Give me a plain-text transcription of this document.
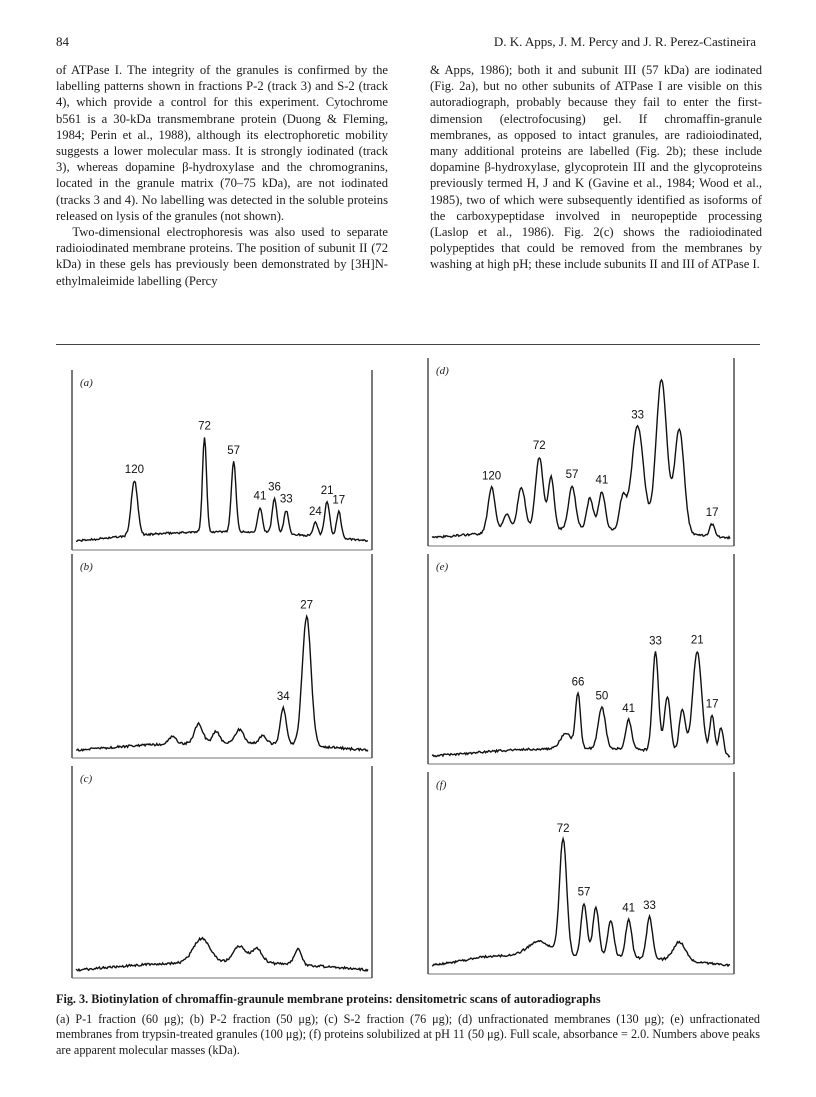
84	D. K. Apps, J. M. Percy and J. R. Perez-Castineira

of ATPase I. The integrity of the granules is confirmed by the labelling patterns shown in fractions P-2 (track 3) and S-2 (track 4), which provide a control for this experiment. Cytochrome b561 is a 30-kDa transmembrane protein (Duong & Fleming, 1984; Perin et al., 1988), although its electrophoretic mobility suggests a lower molecular mass. It is strongly iodinated (track 3), whereas dopamine β-hydroxylase and the chromogranins, located in the granule matrix (70–75 kDa), are not iodinated (tracks 3 and 4). No labelling was detected in the soluble proteins released on lysis of the granules (not shown).

Two-dimensional electrophoresis was also used to separate radioiodinated membrane proteins. The position of subunit II (72 kDa) in these gels has previously been demonstrated by [3H]N-ethylmaleimide labelling (Percy

& Apps, 1986); both it and subunit III (57 kDa) are iodinated (Fig. 2a), but no other subunits of ATPase I are visible on this autoradiograph, probably because they fail to enter the first-dimension (electrofocusing) gel. If chromaffin-granule membranes, as opposed to intact granules, are radioiodinated, many additional proteins are labelled (Fig. 2b); these include dopamine β-hydroxylase, glycoprotein III and the glycoproteins previously termed H, J and K (Gavine et al., 1984; Wood et al., 1985), two of which were subsequently identified as isoforms of the carboxypeptidase involved in neuropeptide processing (Laslop et al., 1986). Fig. 2(c) shows the radioiodinated polypeptides that could be removed from the membranes by washing at high pH; these include subunits II and III of ATPase I.

(a)
120
72
57
41
36
33
24
21
17
(b)
34
27
(c)
(d)
120
72
57 41
33
17
(e)
66
50
41
33	21
17
(f)
72
57
41 33
Fig. 3. Biotinylation of chromaffin-graunule membrane proteins: densitometric scans of autoradiographs
(a) P-1 fraction (60 μg); (b) P-2 fraction (50 μg); (c) S-2 fraction (76 μg); (d) unfractionated membranes (130 μg); (e) unfractionated membranes from trypsin-treated granules (100 μg); (f) proteins solubilized at pH 11 (50 μg). Full scale, absorbance = 2.0. Numbers above peaks are apparent molecular masses (kDa).
